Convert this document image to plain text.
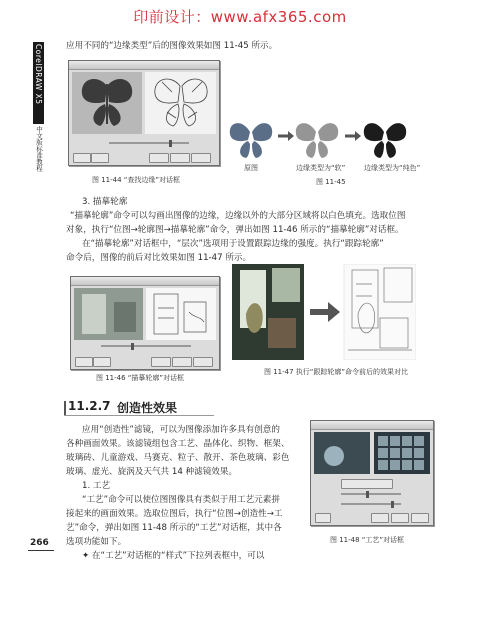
印前设计：www.afx365.com
CorelDRAW X5
中文版标准教程
应用不同的“边缘类型”后的图像效果如图 11-45 所示。
图 11-44 “查找边缘”对话框
原图	边缘类型为“软”	边缘类型为“纯色”
图 11-45
3. 描摹轮廓
“描摹轮廓”命令可以勾画出图像的边缘，边缘以外的大部分区域将以白色填充。选取位图
对象，执行“位图→轮廓图→描摹轮廓”命令，弹出如图 11-46 所示的“描摹轮廓”对话框。
在“描摹轮廓”对话框中，“层次”选项用于设置跟踪边缘的强度。执行“跟踪轮廓”
命令后，图像的前后对比效果如图 11-47 所示。
图 11-46 “描摹轮廓”对话框
图 11-47 执行“跟踪轮廓”命令前后的效果对比
11.2.7 创造性效果
应用“创造性”滤镜，可以为图像添加许多具有创意的
各种画面效果。该滤镜组包含工艺、晶体化、织物、框架、
玻璃砖、儿童游戏、马赛克、粒子、散开、茶色玻璃、彩色
玻璃、虚光、旋涡及天气共 14 种滤镜效果。
1. 工艺
“工艺”命令可以使位图图像具有类似于用工艺元素拼
接起来的画面效果。选取位图后，执行“位图→创造性→工
艺”命令，弹出如图 11-48 所示的“工艺”对话框，其中各
选项功能如下。
✦ 在“工艺”对话框的“样式”下拉列表框中，可以
图 11-48 “工艺”对话框
266
